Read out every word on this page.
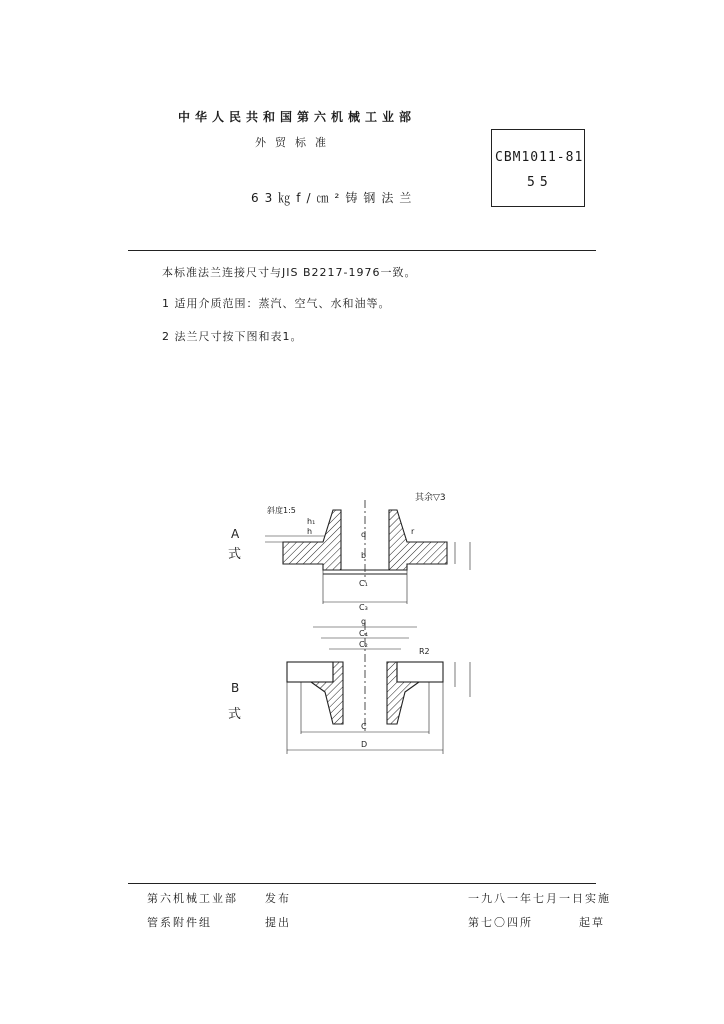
中华人民共和国第六机械工业部
外贸标准
CBM1011-81
55
63㎏f/㎝²铸钢法兰
本标准法兰连接尺寸与JIS B2217-1976一致。
1 适用介质范围：蒸汽、空气、水和油等。
2 法兰尺寸按下图和表1。
其余▽3
斜度1:5
A
式
B
式
h₁
h	d	r
b
C₁
C₃
g
C₄
C₂
R2
C
D
第六机械工业部 发布	一九八一年七月一日实施
管系附件组	提出	第七〇四所	起草
